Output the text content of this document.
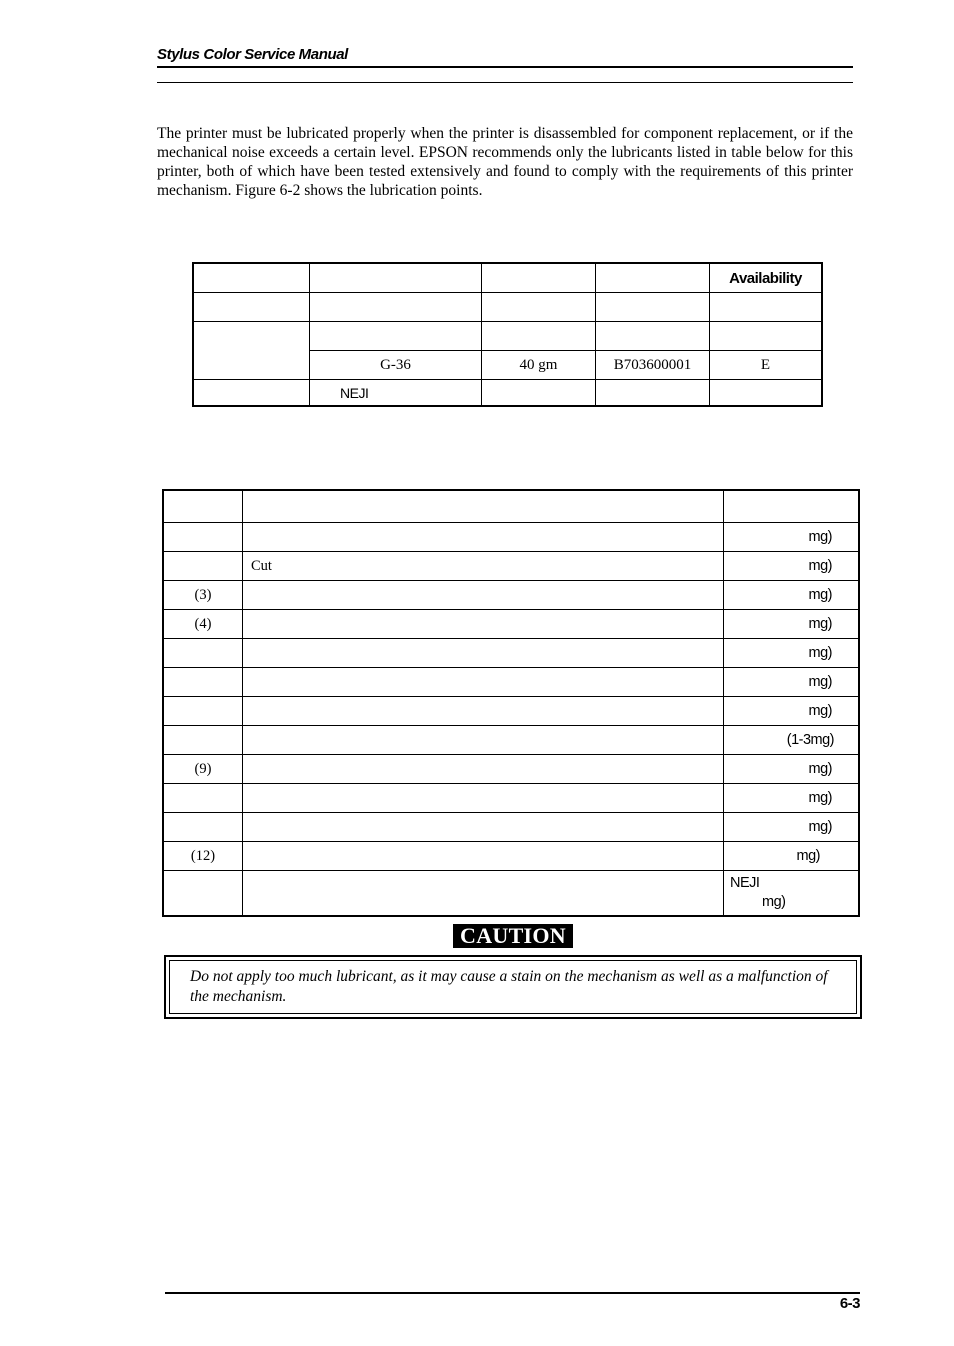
Stylus Color Service Manual

The printer must be lubricated properly when the printer is disassembled for component replacement, or if the mechanical noise exceeds a certain level. EPSON recommends only the lubricants listed in table below for this printer, both of which have been tested extensively and found to comply with the requirements of this printer mechanism. Figure 6-2 shows the lubrication points.

				Availability

	G-36	40 gm	B703600001	E
	NEJI			

		mg)
	Cut	mg)
(3)		mg)
(4)		mg)
		mg)
		mg)
		mg)
		(1-3mg)
(9)		mg)
		mg)
		mg)
(12)		mg)

		NEJI
mg)
CAUTION

Do not apply too much lubricant, as it may cause a stain on the mechanism as well as a malfunction of the mechanism.

6-3
